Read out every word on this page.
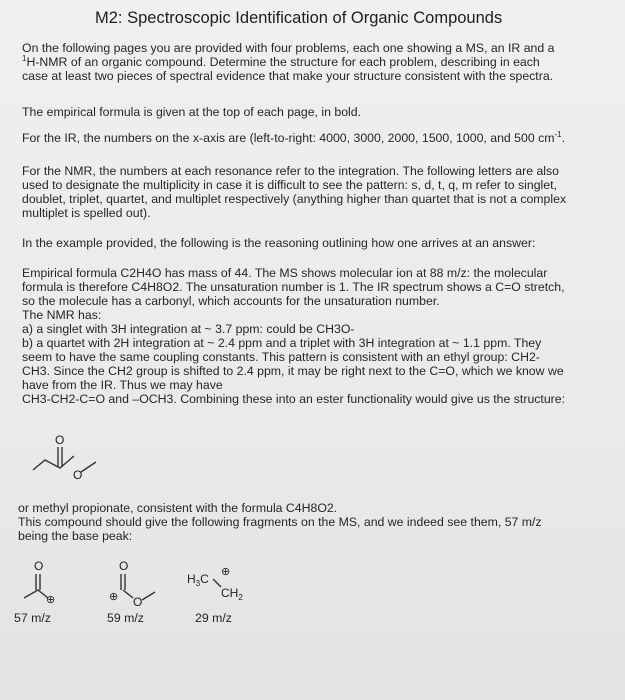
M2: Spectroscopic Identification of Organic Compounds

On the following pages you are provided with four problems, each one showing a MS, an IR and a

$^1$H-NMR of an organic compound. Determine the structure for each problem, describing in each

case at least two pieces of spectral evidence that make your structure consistent with the spectra.

The empirical formula is given at the top of each page, in bold.

For the IR, the numbers on the x-axis are (left-to-right: 4000, 3000, 2000, 1500, 1000, and 500 $cm^{-1}$.

For the NMR, the numbers at each resonance refer to the integration. The following letters are also

used to designate the multiplicity in case it is difficult to see the pattern: s, d, t, q, m refer to singlet,

doublet, triplet, quartet, and multiplet respectively (anything higher than quartet that is not a complex

multiplet is spelled out).

In the example provided, the following is the reasoning outlining how one arrives at an answer:

Empirical formula C2H4O has mass of 44. The MS shows molecular ion at 88 m/z: the molecular

formula is therefore C4H8O2. The unsaturation number is 1. The IR spectrum shows a C=O stretch,

so the molecule has a carbonyl, which accounts for the unsaturation number.

The NMR has:

a) a singlet with 3H integration at ~ 3.7 ppm: could be CH3O-

b) a quartet with 2H integration at ~ 2.4 ppm and a triplet with 3H integration at ~ 1.1 ppm. They

seem to have the same coupling constants. This pattern is consistent with an ethyl group: CH2-

CH3. Since the CH2 group is shifted to 2.4 ppm, it may be right next to the C=O, which we know we

have from the IR. Thus we may have

CH3-CH2-C=O and –OCH3. Combining these into an ester functionality would give us the structure:

O
O

or methyl propionate, consistent with the formula C4H8O2.

This compound should give the following fragments on the MS, and we indeed see them, 57 m/z

being the base peak:

O
⊕
57 m/z
⊕
O
O
59 m/z
$H_3C$ ⊕
$CH_2$
29 m/z
